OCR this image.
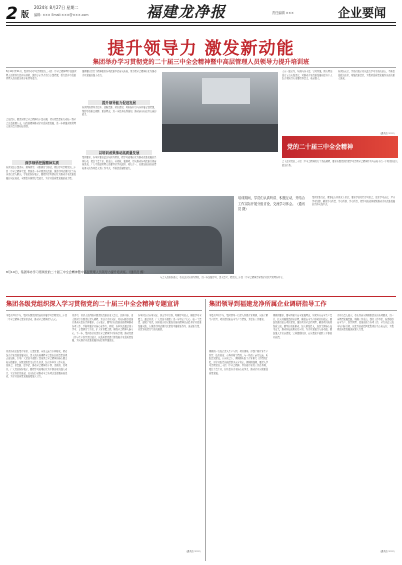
2 版
2024年 8月27日 星期二
编辑: ××× Email:×××@×××.com	福建龙净报	责任编辑 ×××	企业要闻
提升领导力 激发新动能
集团举办学习贯彻党的二十届三中全会精神暨中高层管理人员领导力提升培训班
8月19日至21日，集团举办学习贯彻党的二十届三中全会精神暨中高层管理人员领导力提升培训班，邀请专家学者进行专题授课，着力提升中高层管理人员的政治素养和领导能力。
会议指出，要深刻领会全会精神的丰富内涵，切实把思想和行动统一到全会决策部署上来，以改革精神推动企业高质量发展，进一步增强各级管理人员的责任感和使命感。
深学细悟把握精神实质
培训采取专题讲座、现场教学、分组研讨等形式，紧扣学习贯彻党的二十届三中全会精神主题，围绕进一步全面深化改革、推进中国式现代化等内容进行深入解读。学员们纷纷表示，要把所学所悟转化为推动企业改革发展的实际成效，全面提升履职尽责能力，为企业高质量发展贡献力量。
强调要以钉钉子精神抓好各项改革举措落实落地，努力把全会精神转化为推动企业发展的强大动力。
提升领导能力促进发展
培训围绕领导力提升、战略思维、团队建设、风险防控等内容开展专题授课，帮助学员拓宽视野、更新理念，进一步提升统筹谋划、推动落实和攻坚克难的能力。
以培训成果推动高质量发展
集团要求，各单位要以此次培训为契机，把学习成果转化为推动改革发展的具体行动，聚焦主责主业，抓重点、补短板、强弱项，切实推动各项改革任务落地见效。广大中高层管理人员要坚持学以致用、知行合一，以更加饱满的热情和务实的作风投入到工作中去，不断提高履职能力。
大家一致认为，培训内容丰富、针对性强，既有理论高度又有实践深度，对推动企业改革发展和提升个人综合素质具有重要指导意义，收获很大。
党的二十届三中全会精神
培训结束后，学员们表示将以此次学习为新的起点，不断提高政治站位，增强改革意识，为集团高质量发展作出新的更大贡献。
（通讯员 ×××）
会上还对党的二十届三中全会精神进行了系统阐释，要求各级党组织把学习贯彻全会精神作为当前和今后一个时期的重大政治任务。
培训期间，学员们认真听讲、积极互动，并结合工作实际开展分组讨论，交流学习体会。（通讯员 摄）
集团党委书记、董事长在开班式上讲话，要求学员珍惜学习机会，端正学习态度，严守学习纪律，确保学有所思、学有所悟、学有所得，把学习成效体现到推动企业改革发展的具体实践中去。
8月19日，集团举办学习贯彻党的二十届三中全会精神暨中高层管理人员领导力提升培训班。（通讯员 摄）
与会人员纷纷表示，将以这次培训为契机，进一步加强学习，深入思考，把党的二十届三中全会精神贯穿到企业经营管理各环节。
集团各级党组织深入学习贯彻党的二十届三中全会精神专题宣讲
本报讯 8月下旬，集团各级党组织陆续开展学习贯彻党的二十届三中全会精神专题宣讲活动，推动全会精神深入人心。
宣讲活动采取集中宣讲、专题党课、座谈交流等多种形式，紧密结合企业改革发展实际，深入浅出地阐释全会提出的新思想新观点新论断，引导广大党员干部职工深刻领会全会精神的核心要义和实践要求。各级党组织书记带头宣讲，结合本单位工作实际，谈体会、讲思路、提举措，推动全会精神进车间、进班组、进项目。广大党员纷纷表示，要把学习成果转化为干事创业的强大动力，立足岗位作贡献，以实际行动推动全会各项决策部署落地见效，为企业高质量发展凝聚强大合力。
宣讲中，宣讲人员围绕全面深化改革的重大意义、总体目标、重大原则等方面进行深入阐释，并结合企业实际，对如何抓好改革任务落实提出具体要求。大家表示，要坚持以改革创新精神推动各项工作，不断增强企业核心竞争力。同时，各单位还通过线上学习、专题研讨等方式，扩大宣讲覆盖面，确保全会精神入脑入心。下一步，集团将持续深化全会精神学习宣传贯彻，推动党建工作与生产经营深度融合，以高质量党建引领保障企业高质量发展，为实现企业改革发展目标提供坚强保证。
各单位结合自身实际，制定学习计划，明确学习重点，确保学习全覆盖。通过宣讲，广大党员干部职工进一步坚定了信心、统一了思想、凝聚了共识，纷纷表示将以更加昂扬的精神状态投身企业改革发展实践，在推进中国式现代化建设中展现新作为、贡献新力量，以优异成绩书写新的篇章。
（通讯员 ×××）
集团领导到福建龙净所属企业调研指导工作
本报讯 8月下旬，集团领导一行深入所属企业调研，实地了解生产经营、项目建设和安全生产等情况，并提出工作要求。
调研组一行先后深入生产车间、项目现场，详细了解企业生产经营、技术创新、市场开拓等情况，与一线员工亲切交流，听取意见建议。在座谈会上，调研组听取了企业相关工作情况汇报，对企业取得的成绩给予充分肯定。调研组强调，要深入学习贯彻党的二十届三中全会精神，坚持稳中求进工作总基调，聚焦主责主业，持续提升企业核心竞争力，推动企业实现更高质量发展。
调研组要求，要牢固树立安全发展理念，压紧压实安全生产责任，扎实开展隐患排查治理，确保安全生产形势持续稳定。要加快推进重点项目建设，强化项目全过程管理，确保项目按期保质完成。要坚持创新驱动，加大研发投入，加快关键核心技术攻关，推动科技成果转化应用，为企业发展注入新动能。要加强人才队伍建设，完善激励机制，充分激发干部职工干事创业热情。
企业负责人表示，将认真落实调研组提出的各项要求，进一步理清发展思路，明确工作重点，细化工作举措，统筹做好安全生产、经营管理、改革创新等各项工作，全力以赴完成全年目标任务，以优异的成绩回报集团的关心和支持，为集团高质量发展贡献更大力量。
（通讯员 ×××）
